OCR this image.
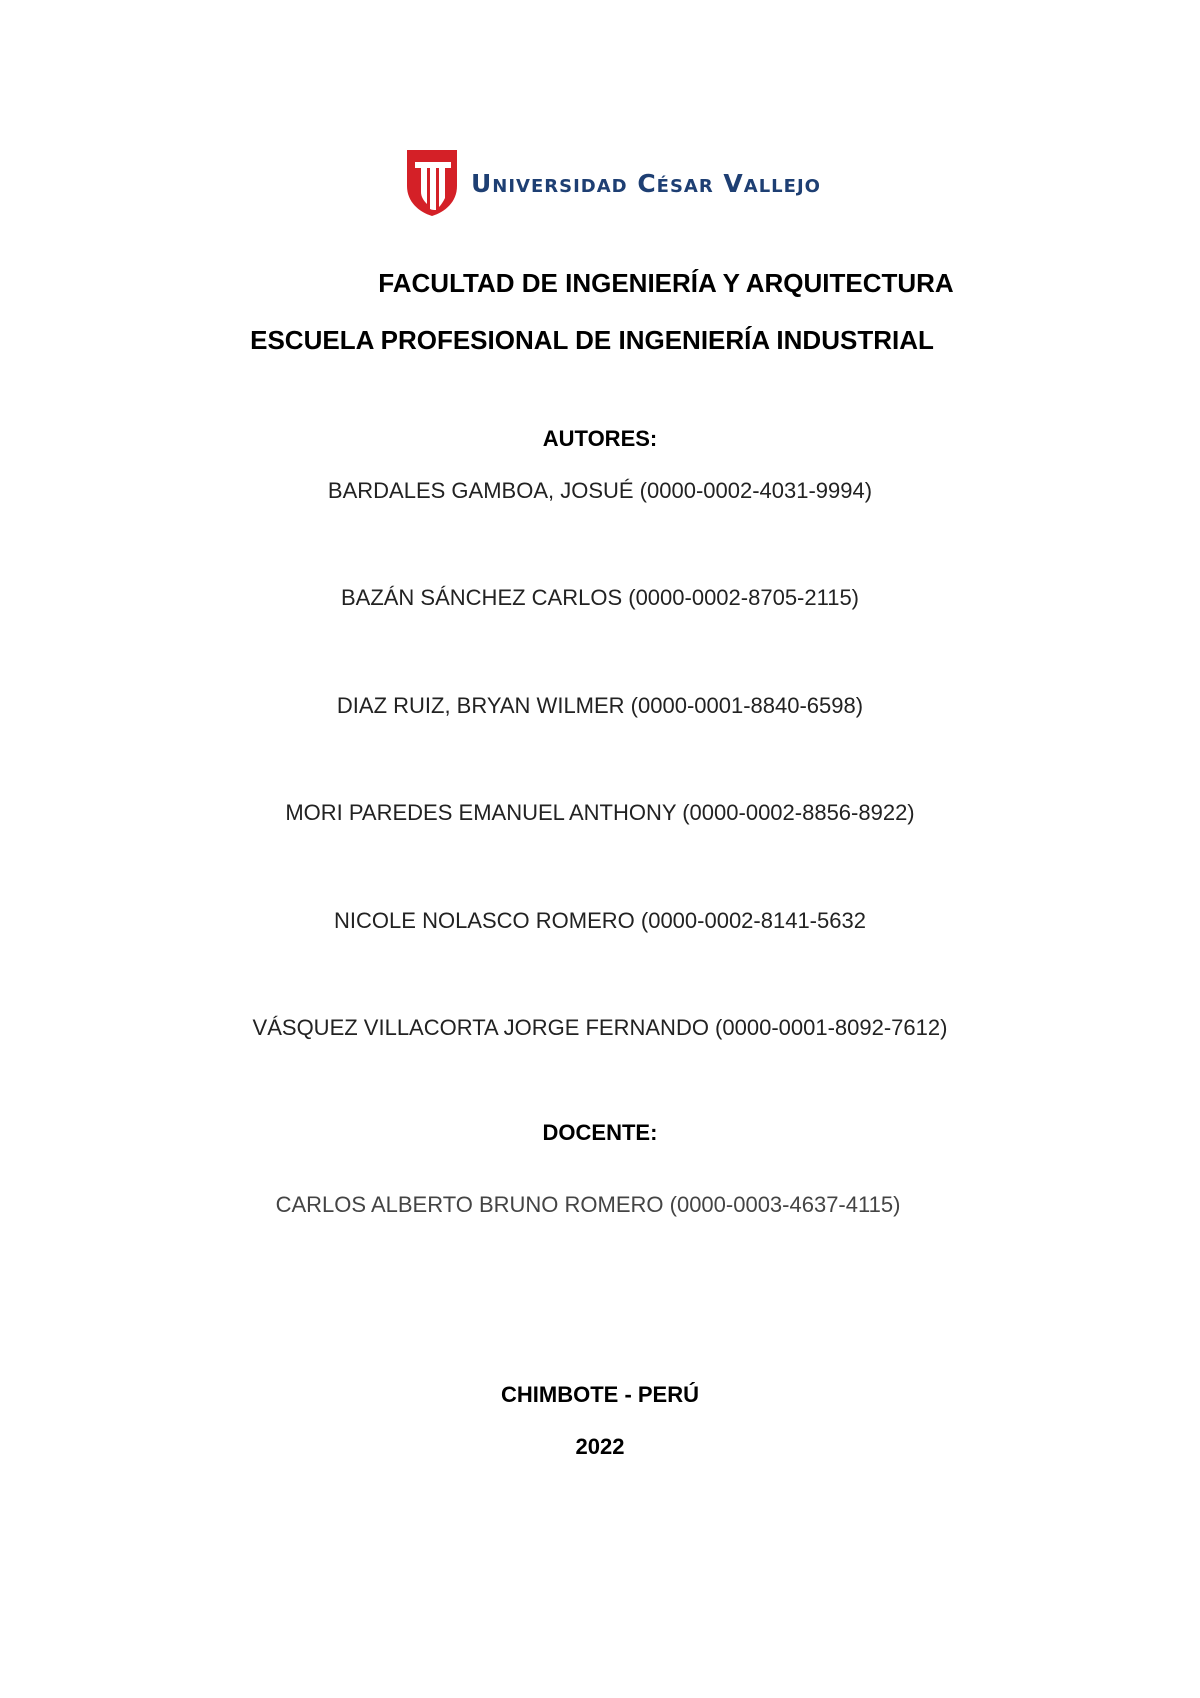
Universidad César Vallejo
FACULTAD DE INGENIERÍA Y ARQUITECTURA
ESCUELA PROFESIONAL DE INGENIERÍA INDUSTRIAL
AUTORES:
BARDALES GAMBOA, JOSUÉ (0000-0002-4031-9994)
BAZÁN SÁNCHEZ CARLOS (0000-0002-8705-2115)
DIAZ RUIZ, BRYAN WILMER (0000-0001-8840-6598)
MORI PAREDES EMANUEL ANTHONY (0000-0002-8856-8922)
NICOLE NOLASCO ROMERO (0000-0002-8141-5632
VÁSQUEZ VILLACORTA JORGE FERNANDO (0000-0001-8092-7612)
DOCENTE:
CARLOS ALBERTO BRUNO ROMERO (0000-0003-4637-4115)
CHIMBOTE - PERÚ
2022
